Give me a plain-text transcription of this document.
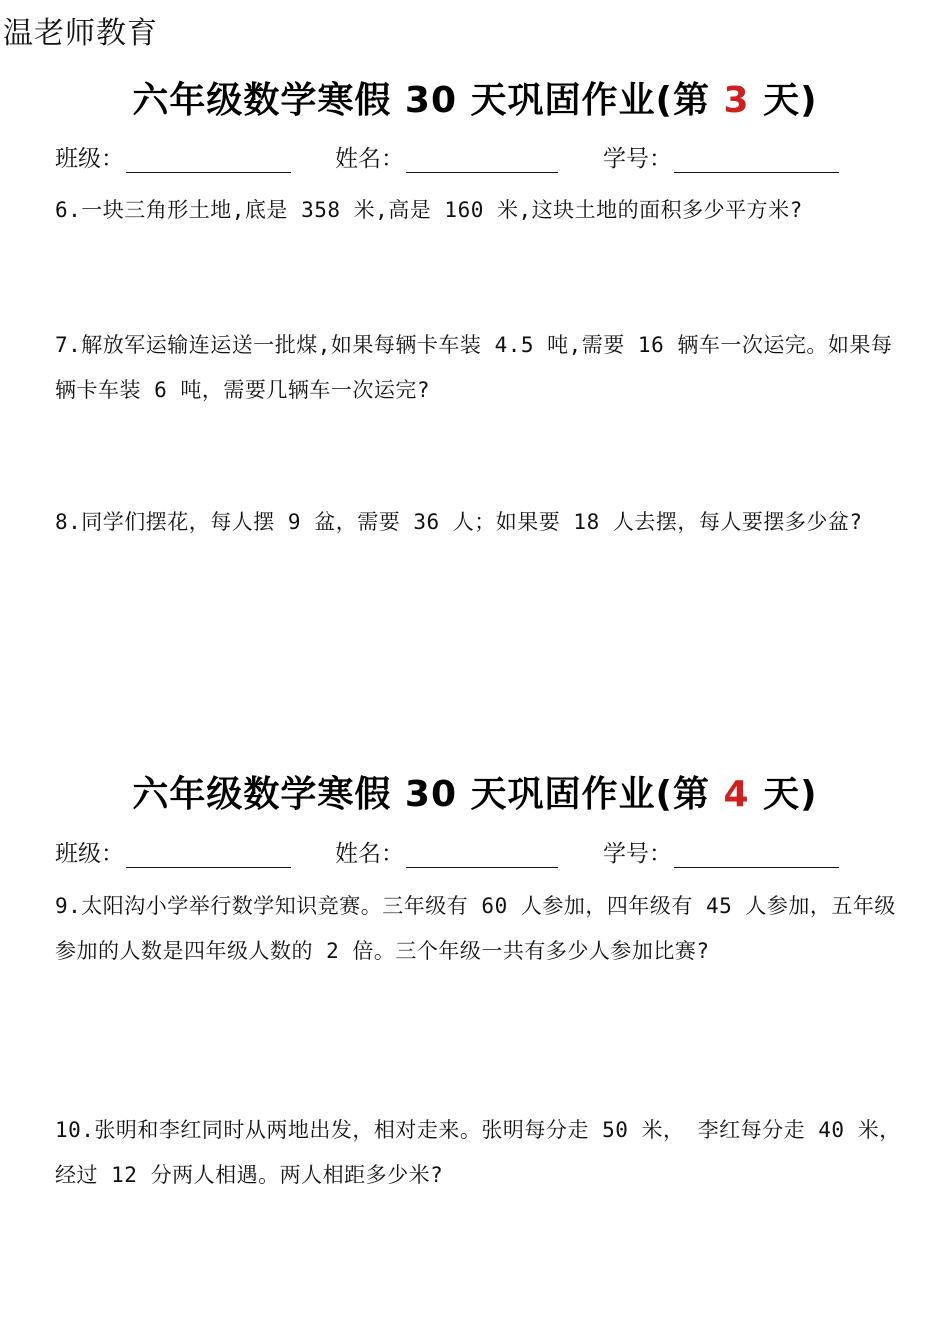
温老师教育
六年级数学寒假 30 天巩固作业(第 3 天)
班级：	姓名：	学号：
6.一块三角形土地,底是 358 米,高是 160 米,这块土地的面积多少平方米?
7.解放军运输连运送一批煤,如果每辆卡车装 4.5 吨,需要 16 辆车一次运完。如果每辆卡车装 6 吨，需要几辆车一次运完?
8.同学们摆花，每人摆 9 盆，需要 36 人；如果要 18 人去摆，每人要摆多少盆?
六年级数学寒假 30 天巩固作业(第 4 天)
班级：	姓名：	学号：
9.太阳沟小学举行数学知识竞赛。三年级有 60 人参加，四年级有 45 人参加，五年级参加的人数是四年级人数的 2 倍。三个年级一共有多少人参加比赛?
10.张明和李红同时从两地出发，相对走来。张明每分走 50 米， 李红每分走 40 米，经过 12 分两人相遇。两人相距多少米?
